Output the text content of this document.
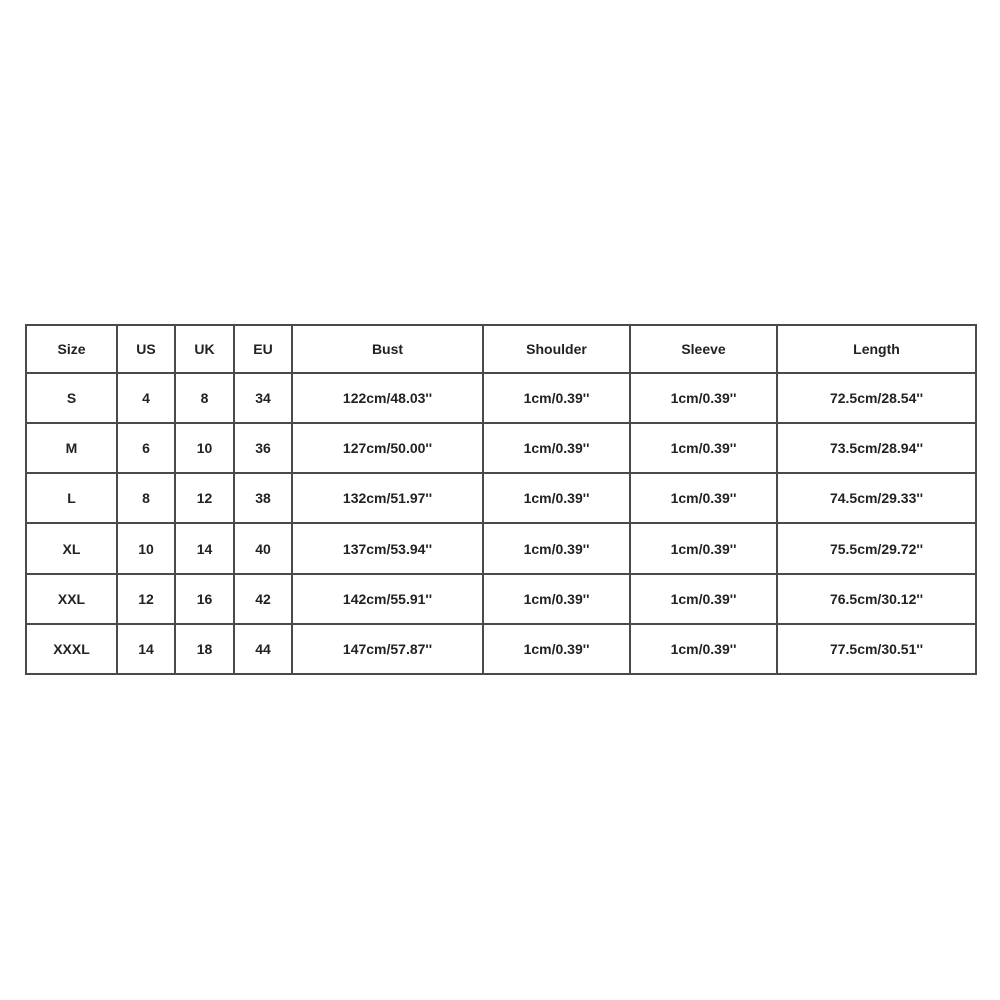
Size	US	UK	EU	Bust	Shoulder	Sleeve	Length
S	4	8	34	122cm/48.03''	1cm/0.39''	1cm/0.39''	72.5cm/28.54''
M	6	10	36	127cm/50.00''	1cm/0.39''	1cm/0.39''	73.5cm/28.94''
L	8	12	38	132cm/51.97''	1cm/0.39''	1cm/0.39''	74.5cm/29.33''
XL	10	14	40	137cm/53.94''	1cm/0.39''	1cm/0.39''	75.5cm/29.72''
XXL	12	16	42	142cm/55.91''	1cm/0.39''	1cm/0.39''	76.5cm/30.12''
XXXL	14	18	44	147cm/57.87''	1cm/0.39''	1cm/0.39''	77.5cm/30.51''
